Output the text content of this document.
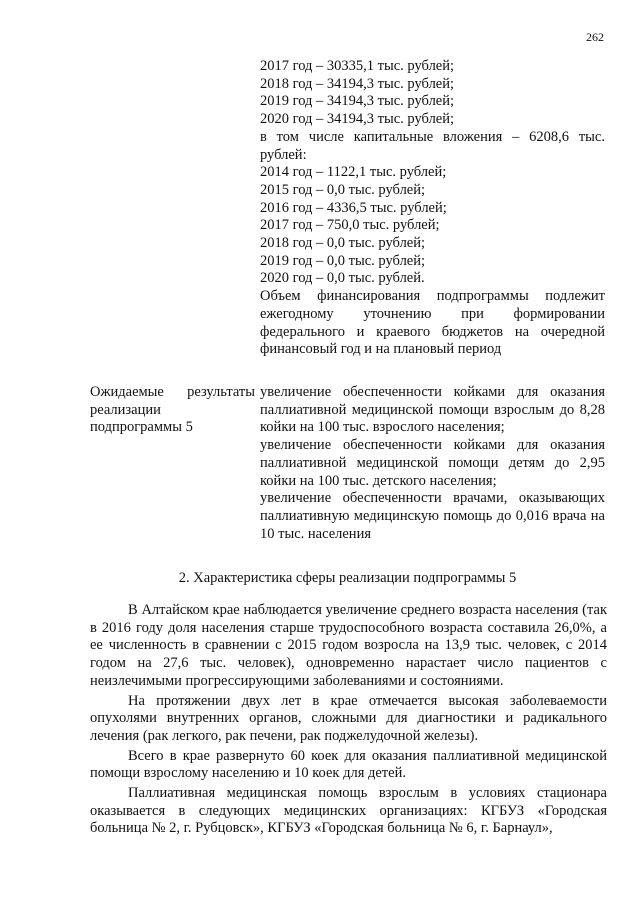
262
2017 год – 30335,1 тыс. рублей;
2018 год – 34194,3 тыс. рублей;
2019 год – 34194,3 тыс. рублей;
2020 год – 34194,3 тыс. рублей;
в том числе капитальные вложения – 6208,6 тыс. рублей:
2014 год – 1122,1 тыс. рублей;
2015 год – 0,0 тыс. рублей;
2016 год – 4336,5 тыс. рублей;
2017 год – 750,0 тыс. рублей;
2018 год – 0,0 тыс. рублей;
2019 год – 0,0 тыс. рублей;
2020 год – 0,0 тыс. рублей.
Объем финансирования подпрограммы подлежит ежегодному уточнению при формировании федерального и краевого бюджетов на очередной финансовый год и на плановый период
Ожидаемые результаты реализации подпрограммы 5

увеличение обеспеченности койками для оказания паллиативной медицинской помощи взрослым до 8,28 койки на 100 тыс. взрослого населения;

увеличение обеспеченности койками для оказания паллиативной медицинской помощи детям до 2,95 койки на 100 тыс. детского населения;

увеличение обеспеченности врачами, оказывающих паллиативную медицинскую помощь до 0,016 врача на 10 тыс. населения

2. Характеристика сферы реализации подпрограммы 5

В Алтайском крае наблюдается увеличение среднего возраста населения (так в 2016 году доля населения старше трудоспособного возраста составила 26,0%, а ее численность в сравнении с 2015 годом возросла на 13,9 тыс. человек, с 2014 годом на 27,6 тыс. человек), одновременно нарастает число пациентов с неизлечимыми прогрессирующими заболеваниями и состояниями.

На протяжении двух лет в крае отмечается высокая заболеваемости опухолями внутренних органов, сложными для диагностики и радикального лечения (рак легкого, рак печени, рак поджелудочной железы).

Всего в крае развернуто 60 коек для оказания паллиативной медицинской помощи взрослому населению и 10 коек для детей.

Паллиативная медицинская помощь взрослым в условиях стационара оказывается в следующих медицинских организациях: КГБУЗ «Городская больница № 2, г. Рубцовск», КГБУЗ «Городская больница № 6, г. Барнаул»,
